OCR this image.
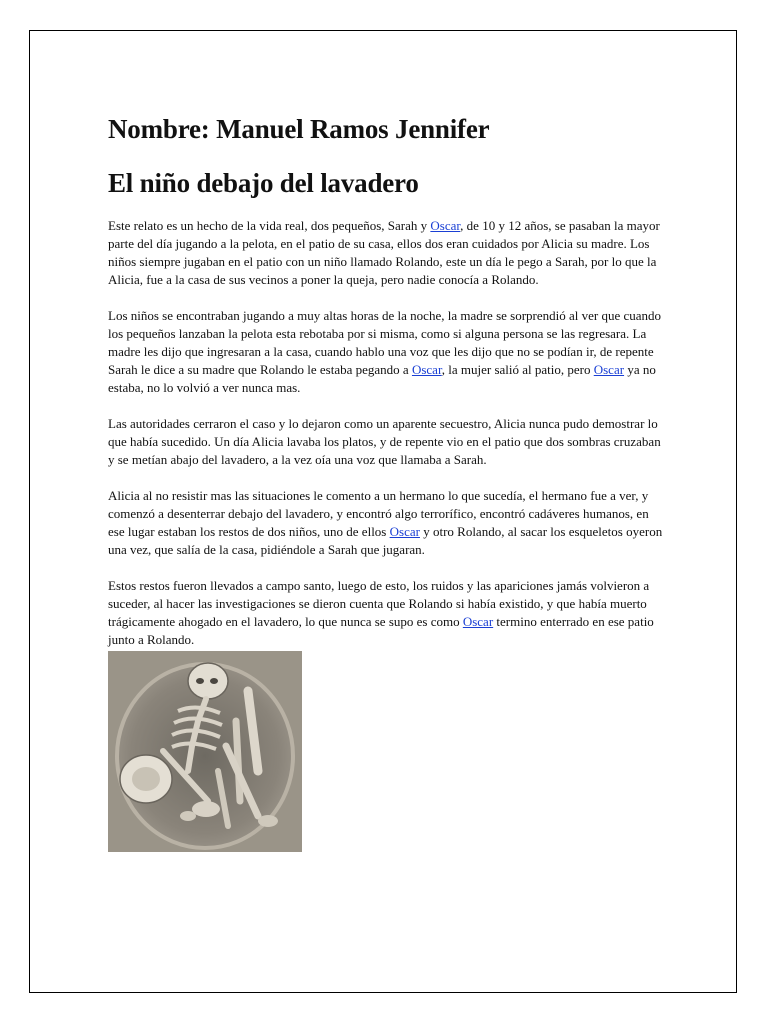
Nombre: Manuel Ramos Jennifer
El niño debajo del lavadero

Este relato es un hecho de la vida real, dos pequeños, Sarah y Oscar, de 10 y 12 años, se pasaban la mayor parte del día jugando a la pelota, en el patio de su casa, ellos dos eran cuidados por Alicia su madre. Los niños siempre jugaban en el patio con un niño llamado Rolando, este un día le pego a Sarah, por lo que la Alicia, fue a la casa de sus vecinos a poner la queja, pero nadie conocía a Rolando.

Los niños se encontraban jugando a muy altas horas de la noche, la madre se sorprendió al ver que cuando los pequeños lanzaban la pelota esta rebotaba por si misma, como si alguna persona se las regresara. La madre les dijo que ingresaran a la casa, cuando hablo una voz que les dijo que no se podían ir, de repente Sarah le dice a su madre que Rolando le estaba pegando a Oscar, la mujer salió al patio, pero Oscar ya no estaba, no lo volvió a ver nunca mas.

Las autoridades cerraron el caso y lo dejaron como un aparente secuestro, Alicia nunca pudo demostrar lo que había sucedido. Un día Alicia lavaba los platos, y de repente vio en el patio que dos sombras cruzaban y se metían abajo del lavadero, a la vez oía una voz que llamaba a Sarah.

Alicia al no resistir mas las situaciones le comento a un hermano lo que sucedía, el hermano fue a ver, y comenzó a desenterrar debajo del lavadero, y encontró algo terrorífico, encontró cadáveres humanos, en ese lugar estaban los restos de dos niños, uno de ellos Oscar y otro Rolando, al sacar los esqueletos oyeron una vez, que salía de la casa, pidiéndole a Sarah que jugaran.

Estos restos fueron llevados a campo santo, luego de esto, los ruidos y las apariciones jamás volvieron a suceder, al hacer las investigaciones se dieron cuenta que Rolando si había existido, y que había muerto trágicamente ahogado en el lavadero, lo que nunca se supo es como Oscar termino enterrado en ese patio junto a Rolando.
